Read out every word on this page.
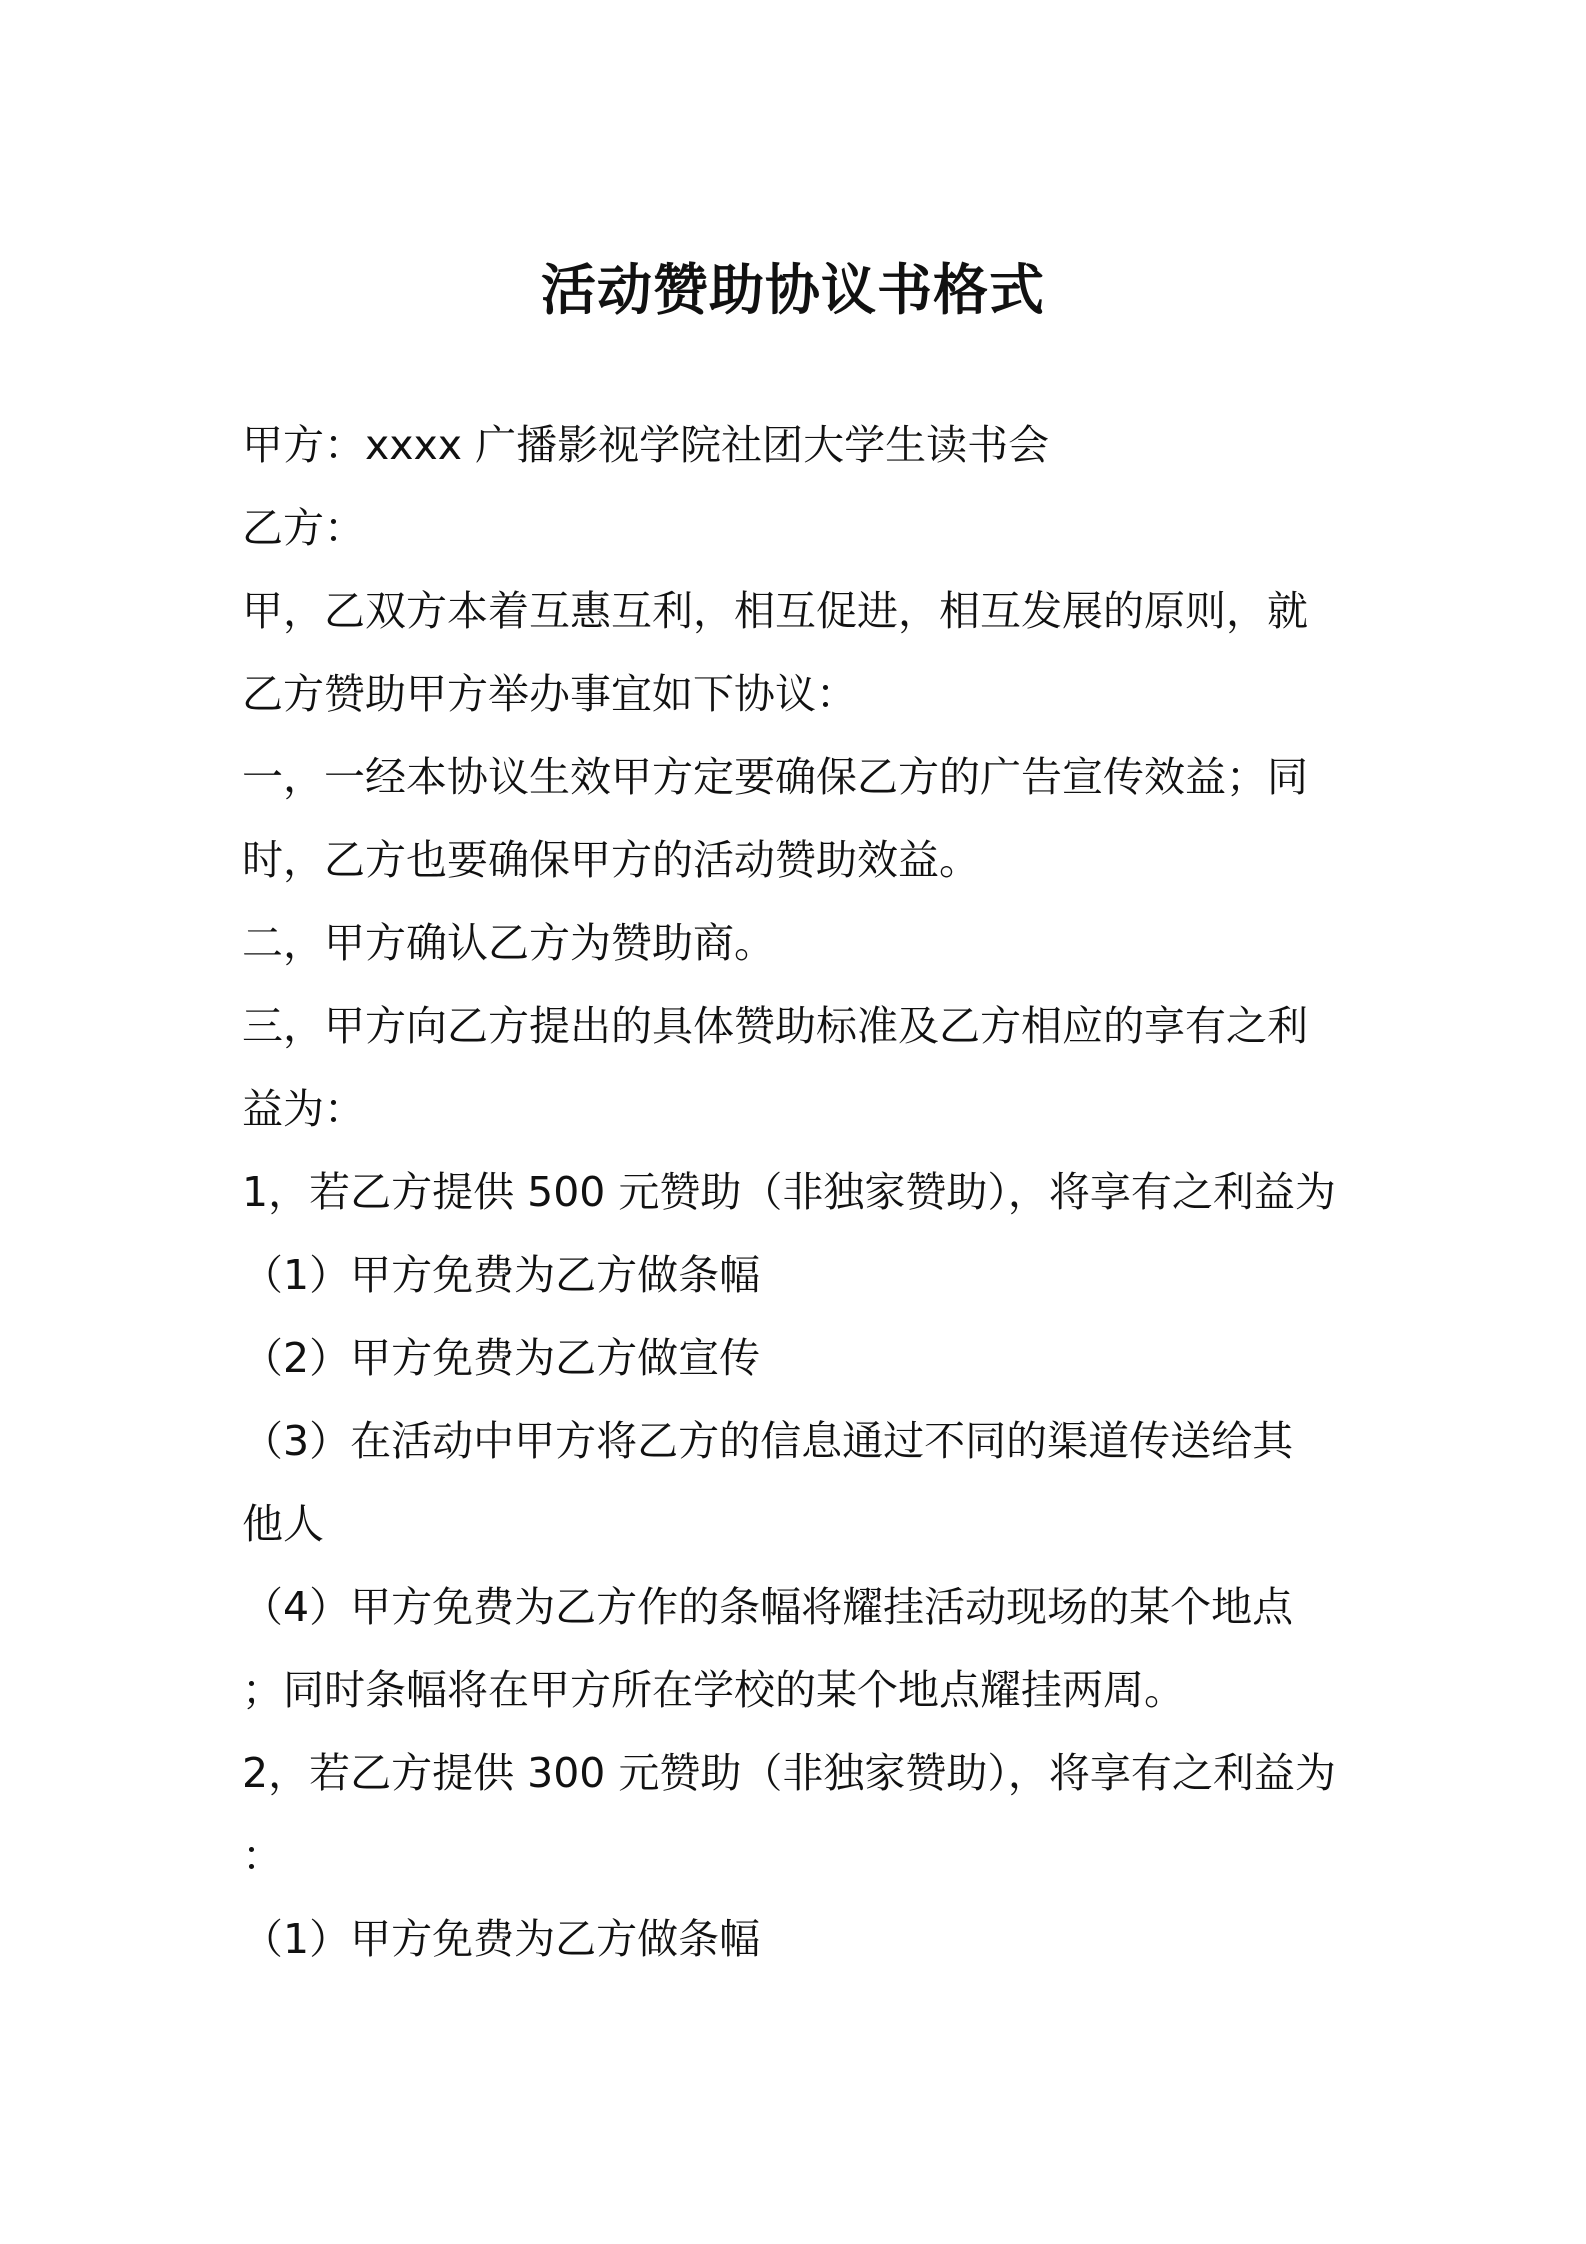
活动赞助协议书格式
甲方：xxxx 广播影视学院社团大学生读书会
乙方：
甲，乙双方本着互惠互利，相互促进，相互发展的原则，就
乙方赞助甲方举办事宜如下协议：
一，一经本协议生效甲方定要确保乙方的广告宣传效益；同
时，乙方也要确保甲方的活动赞助效益。
二，甲方确认乙方为赞助商。
三，甲方向乙方提出的具体赞助标准及乙方相应的享有之利
益为：
1，若乙方提供 500 元赞助（非独家赞助），将享有之利益为
（1）甲方免费为乙方做条幅
（2）甲方免费为乙方做宣传
（3）在活动中甲方将乙方的信息通过不同的渠道传送给其
他人
（4）甲方免费为乙方作的条幅将耀挂活动现场的某个地点
；同时条幅将在甲方所在学校的某个地点耀挂两周。
2，若乙方提供 300 元赞助（非独家赞助），将享有之利益为
：
（1）甲方免费为乙方做条幅
